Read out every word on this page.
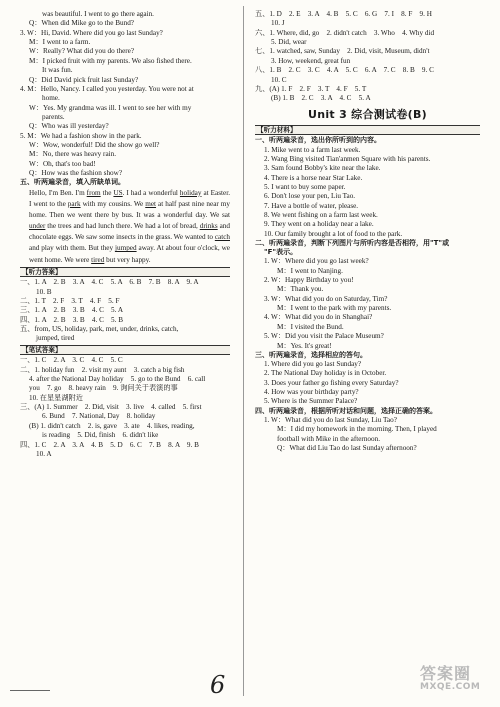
was beautiful. I went to go there again.
Q：When did Mike go to the Bund?
3. W：Hi, David. Where did you go last Sunday?
M：I went to a farm.
W：Really? What did you do there?
M：I picked fruit with my parents. We also fished there.
It was fun.
Q：Did David pick fruit last Sunday?
4. M：Hello, Nancy. I called you yesterday. You were not at
home.
W：Yes. My grandma was ill. I went to see her with my
parents.
Q：Who was ill yesterday?
5. M：We had a fashion show in the park.
W：Wow, wonderful! Did the show go well?
M：No, there was heavy rain.
W：Oh, that's too bad!
Q：How was the fashion show?
五、听两遍录音，填入所缺单词。

Hello, I'm Ben. I'm from the US. I had a wonderful holiday at Easter. I went to the park with my cousins. We met at half past nine near my home. Then we went there by bus. It was a wonderful day. We sat under the trees and had lunch there. We had a lot of bread, drinks and chocolate eggs. We saw some insects in the grass. We wanted to catch and play with them. But they jumped away. At about four o'clock, we went home. We were tired but very happy.

【听力答案】
一、1. A　2. B　3. A　4. C　5. A　6. B　7. B　8. A　9. A
10. B
二、1. T　2. F　3. T　4. F　5. F
三、1. A　2. B　3. B　4. C　5. A
四、1. A　2. B　3. B　4. C　5. B
五、from, US, holiday, park, met, under, drinks, catch,
jumped, tired
【笔试答案】
一、1. C　2. A　3. C　4. C　5. C
二、1. holiday fun　2. visit my aunt　3. catch a big fish
4. after the National Day holiday　5. go to the Bund　6. call
you　7. go　8. heavy rain　9. 询问关于表演的事
10. 在星星湖附近
三、(A) 1. Summer　2. Did, visit　3. live　4. called　5. first
6. Bund　7. National, Day　8. holiday
(B) 1. didn't catch　2. is, gave　3. ate　4. likes, reading,
is reading　5. Did, finish　6. didn't like
四、1. C　2. A　3. A　4. B　5. D　6. C　7. B　8. A　9. B
10. A
五、1. D　2. E　3. A　4. B　5. C　6. G　7. I　8. F　9. H
10. J
六、1. Where, did, go　2. didn't catch　3. Who　4. Why did
5. Did, wear
七、1. watched, saw, Sunday　2. Did, visit, Museum, didn't
3. How, weekend, great fun
八、1. B　2. C　3. C　4. A　5. C　6. A　7. C　8. B　9. C
10. C
九、(A) 1. F　2. F　3. T　4. F　5. T
(B) 1. B　2. C　3. A　4. C　5. A
Unit 3 综合测试卷(B)
【听力材料】
一、听两遍录音，选出你所听到的内容。
1. Mike went to a farm last week.
2. Wang Bing visited Tian'anmen Square with his parents.
3. Sam found Bobby's kite near the lake.
4. There is a horse near Star Lake.
5. I want to buy some paper.
6. Don't lose your pen, Liu Tao.
7. Have a bottle of water, please.
8. We went fishing on a farm last week.
9. They went on a holiday near a lake.
10. Our family brought a lot of food to the park.
二、听两遍录音，判断下列图片与所听内容是否相符，用"T"或
"F"表示。
1. W：Where did you go last week?
M：I went to Nanjing.
2. W：Happy Birthday to you!
M：Thank you.
3. W：What did you do on Saturday, Tim?
M：I went to the park with my parents.
4. W：What did you do in Shanghai?
M：I visited the Bund.
5. W：Did you visit the Palace Museum?
M：Yes. It's great!
三、听两遍录音，选择相应的答句。
1. Where did you go last Sunday?
2. The National Day holiday is in October.
3. Does your father go fishing every Saturday?
4. How was your birthday party?
5. Where is the Summer Palace?
四、听两遍录音，根据所听对话和问题，选择正确的答案。
1. W：What did you do last Sunday, Liu Tao?
M：I did my homework in the morning. Then, I played
football with Mike in the afternoon.
Q：What did Liu Tao do last Sunday afternoon?
6	答案圈
MXQE.COM
